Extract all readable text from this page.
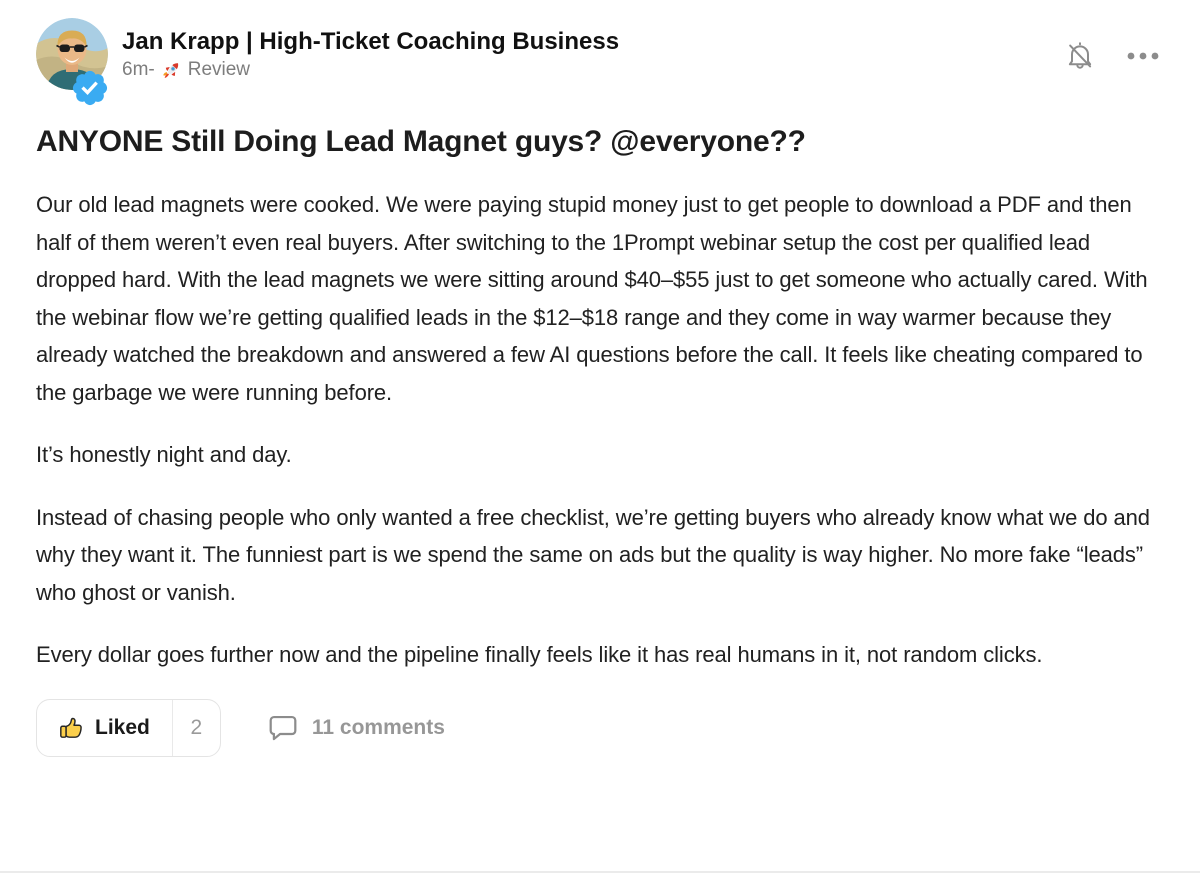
Jan Krapp | High-Ticket Coaching Business
6m- Review
ANYONE Still Doing Lead Magnet guys? @everyone??

Our old lead magnets were cooked. We were paying stupid money just to get people to download a PDF and then half of them weren’t even real buyers. After switching to the 1Prompt webinar setup the cost per qualified lead dropped hard. With the lead magnets we were sitting around $40–$55 just to get someone who actually cared. With the webinar flow we’re getting qualified leads in the $12–$18 range and they come in way warmer because they already watched the breakdown and answered a few AI questions before the call. It feels like cheating compared to the garbage we were running before.

It’s honestly night and day.

Instead of chasing people who only wanted a free checklist, we’re getting buyers who already know what we do and why they want it. The funniest part is we spend the same on ads but the quality is way higher. No more fake “leads” who ghost or vanish.

Every dollar goes further now and the pipeline finally feels like it has real humans in it, not random clicks.

Liked	2	11 comments
